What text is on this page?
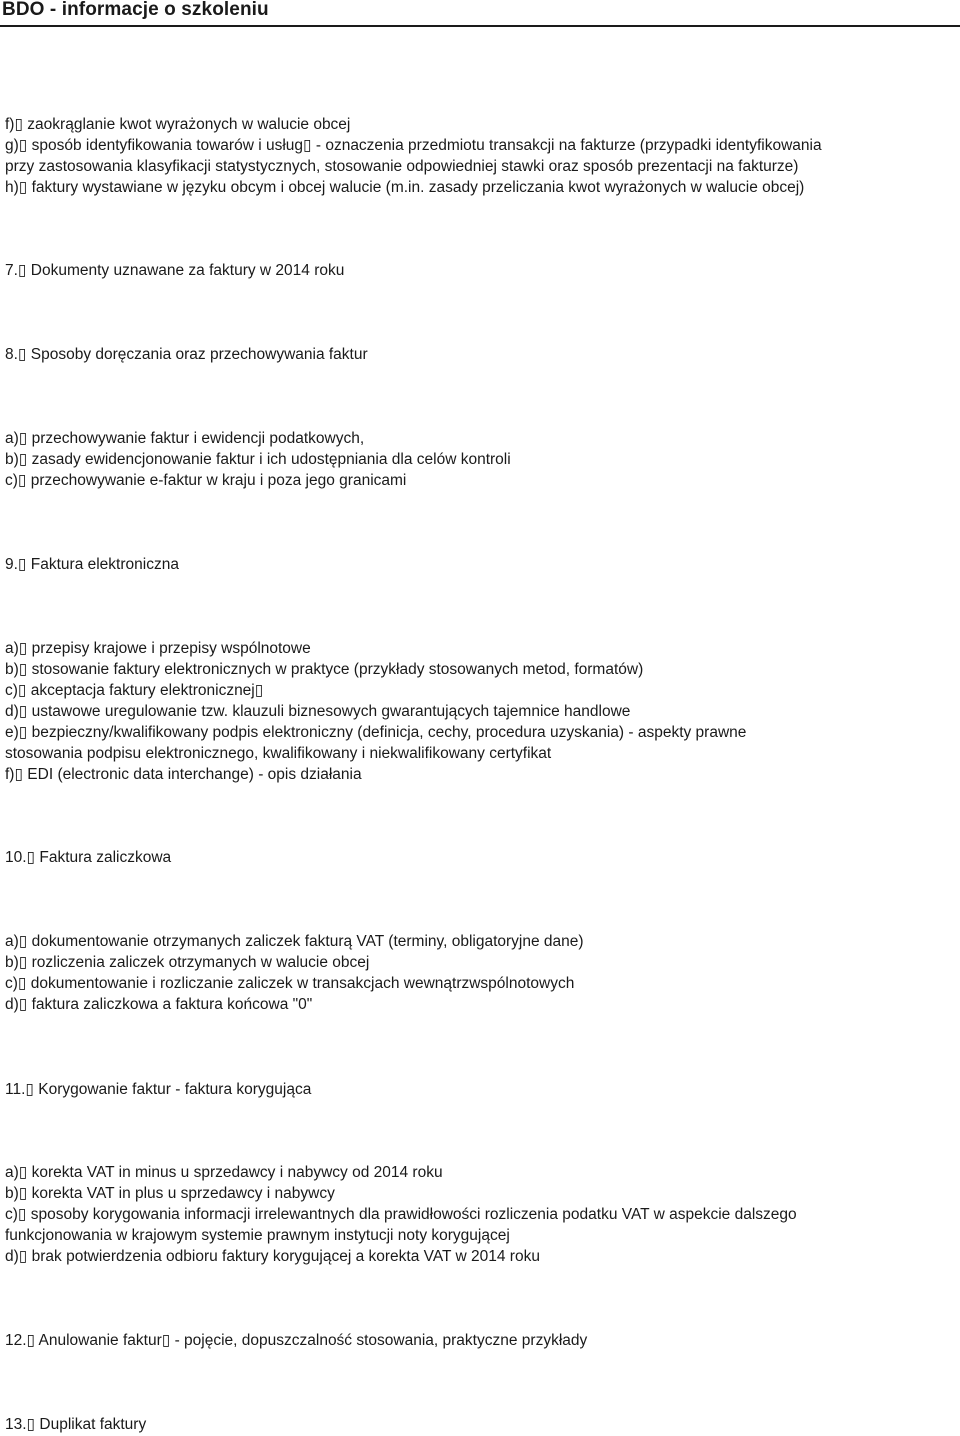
BDO - informacje o szkoleniu
f)▯ zaokrąglanie kwot wyrażonych w walucie obcej
g)▯ sposób identyfikowania towarów i usług▯ - oznaczenia przedmiotu transakcji na fakturze (przypadki identyfikowania
przy zastosowania klasyfikacji statystycznych, stosowanie odpowiedniej stawki oraz sposób prezentacji na fakturze)
h)▯ faktury wystawiane w języku obcym i obcej walucie (m.in. zasady przeliczania kwot wyrażonych w walucie obcej)
7.▯ Dokumenty uznawane za faktury w 2014 roku
8.▯ Sposoby doręczania oraz przechowywania faktur
a)▯ przechowywanie faktur i ewidencji podatkowych,
b)▯ zasady ewidencjonowanie faktur i ich udostępniania dla celów kontroli
c)▯ przechowywanie e-faktur w kraju i poza jego granicami
9.▯ Faktura elektroniczna
a)▯ przepisy krajowe i przepisy wspólnotowe
b)▯ stosowanie faktury elektronicznych w praktyce (przykłady stosowanych metod, formatów)
c)▯ akceptacja faktury elektronicznej▯
d)▯ ustawowe uregulowanie tzw. klauzuli biznesowych gwarantujących tajemnice handlowe
e)▯ bezpieczny/kwalifikowany podpis elektroniczny (definicja, cechy, procedura uzyskania) - aspekty prawne
stosowania podpisu elektronicznego, kwalifikowany i niekwalifikowany certyfikat
f)▯ EDI (electronic data interchange) - opis działania
10.▯ Faktura zaliczkowa
a)▯ dokumentowanie otrzymanych zaliczek fakturą VAT (terminy, obligatoryjne dane)
b)▯ rozliczenia zaliczek otrzymanych w walucie obcej
c)▯ dokumentowanie i rozliczanie zaliczek w transakcjach wewnątrzwspólnotowych
d)▯ faktura zaliczkowa a faktura końcowa "0"
11.▯ Korygowanie faktur - faktura korygująca
a)▯ korekta VAT in minus u sprzedawcy i nabywcy od 2014 roku
b)▯ korekta VAT in plus u sprzedawcy i nabywcy
c)▯ sposoby korygowania informacji irrelewantnych dla prawidłowości rozliczenia podatku VAT w aspekcie dalszego
funkcjonowania w krajowym systemie prawnym instytucji noty korygującej
d)▯ brak potwierdzenia odbioru faktury korygującej a korekta VAT w 2014 roku
12.▯ Anulowanie faktur▯ - pojęcie, dopuszczalność stosowania, praktyczne przykłady
13.▯ Duplikat faktury
